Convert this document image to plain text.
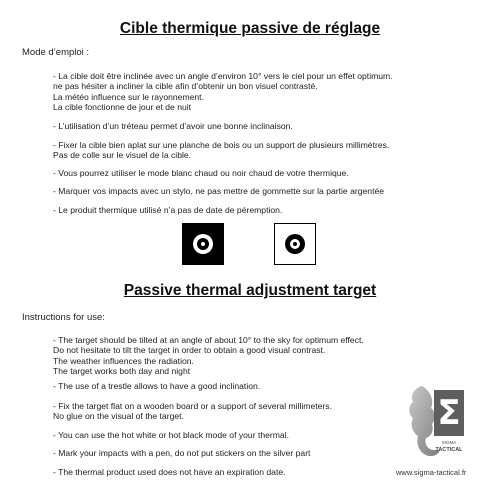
Cible thermique passive de réglage
Mode d’emploi :

- La cible doit être inclinée avec un angle d’environ 10° vers le ciel pour un effet optimum.

ne pas hésiter a incliner la cible afin d’obtenir un bon visuel contrasté.

La météo influence sur le rayonnement.

La cible fonctionne de jour et de nuit

- L’utilisation d’un tréteau permet d’avoir une bonne inclinaison.

- Fixer la cible bien aplat sur une planche de bois ou un support de plusieurs millimètres.

Pas de colle sur le visuel de la cible.

- Vous pourrez utiliser le mode blanc chaud ou noir chaud de votre thermique.
- Marquer vos impacts avec un stylo, ne pas mettre de gommette sur la partie argentée
- Le produit thermique utilisé n’a pas de date de péremption.
Passive thermal adjustment target
Instructions for use:

- The target should be tilted at an angle of about 10° to the sky for optimum effect.

Do not hesitate to tilt the target in order to obtain a good visual contrast.

The weather influences the radiation.

The target works both day and night

- The use of a trestle allows to have a good inclination.

- Fix the target flat on a wooden board or a support of several millimeters.

No glue on the visual of the target.

- You can use the hot white or hot black mode of your thermal.
- Mark your impacts with a pen, do not put stickers on the silver part
- The thermal product used does not have an expiration date.
Σ
SIGMA
TACTICAL
www.sigma-tactical.fr
